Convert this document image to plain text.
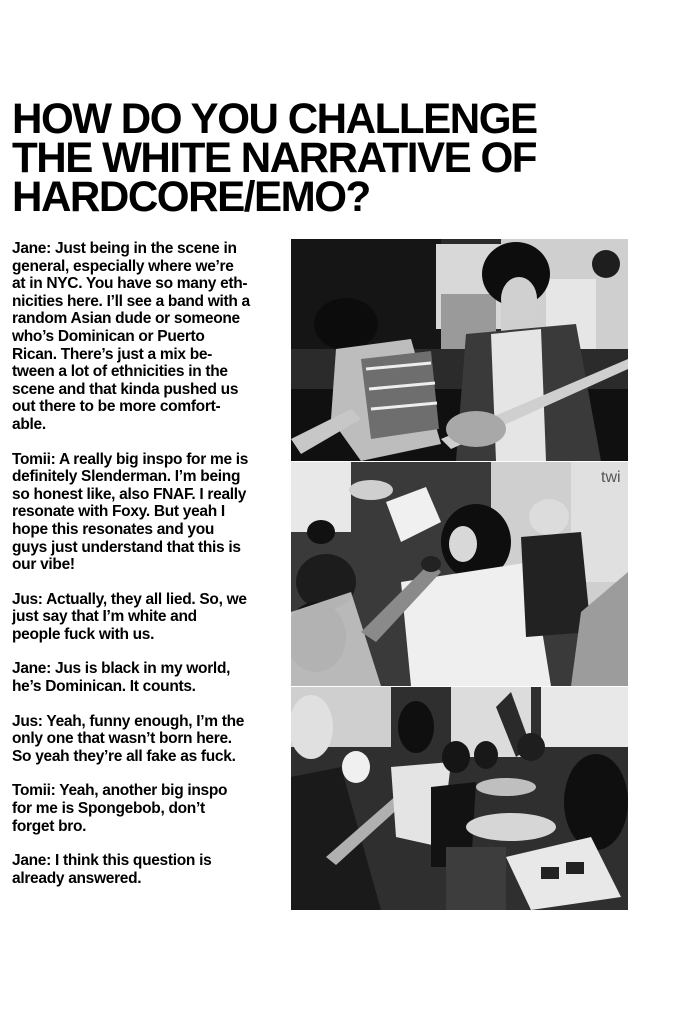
HOW DO YOU CHALLENGE
THE WHITE NARRATIVE OF
HARDCORE/EMO?

Jane: Just being in the scene in
general, especially where we’re
at in NYC. You have so many eth-
nicities here. I’ll see a band with a
random Asian dude or someone
who’s Dominican or Puerto
Rican. There’s just a mix be-
tween a lot of ethnicities in the
scene and that kinda pushed us
out there to be more comfort-
able.

Tomii: A really big inspo for me is
definitely Slenderman. I’m being
so honest like, also FNAF. I really
resonate with Foxy. But yeah I
hope this resonates and you
guys just understand that this is
our vibe!

Jus: Actually, they all lied. So, we
just say that I’m white and
people fuck with us.

Jane: Jus is black in my world,
he’s Dominican. It counts.

Jus: Yeah, funny enough, I’m the
only one that wasn’t born here.
So yeah they’re all fake as fuck.

Tomii: Yeah, another big inspo
for me is Spongebob, don’t
forget bro.

Jane: I think this question is
already answered.

twi
